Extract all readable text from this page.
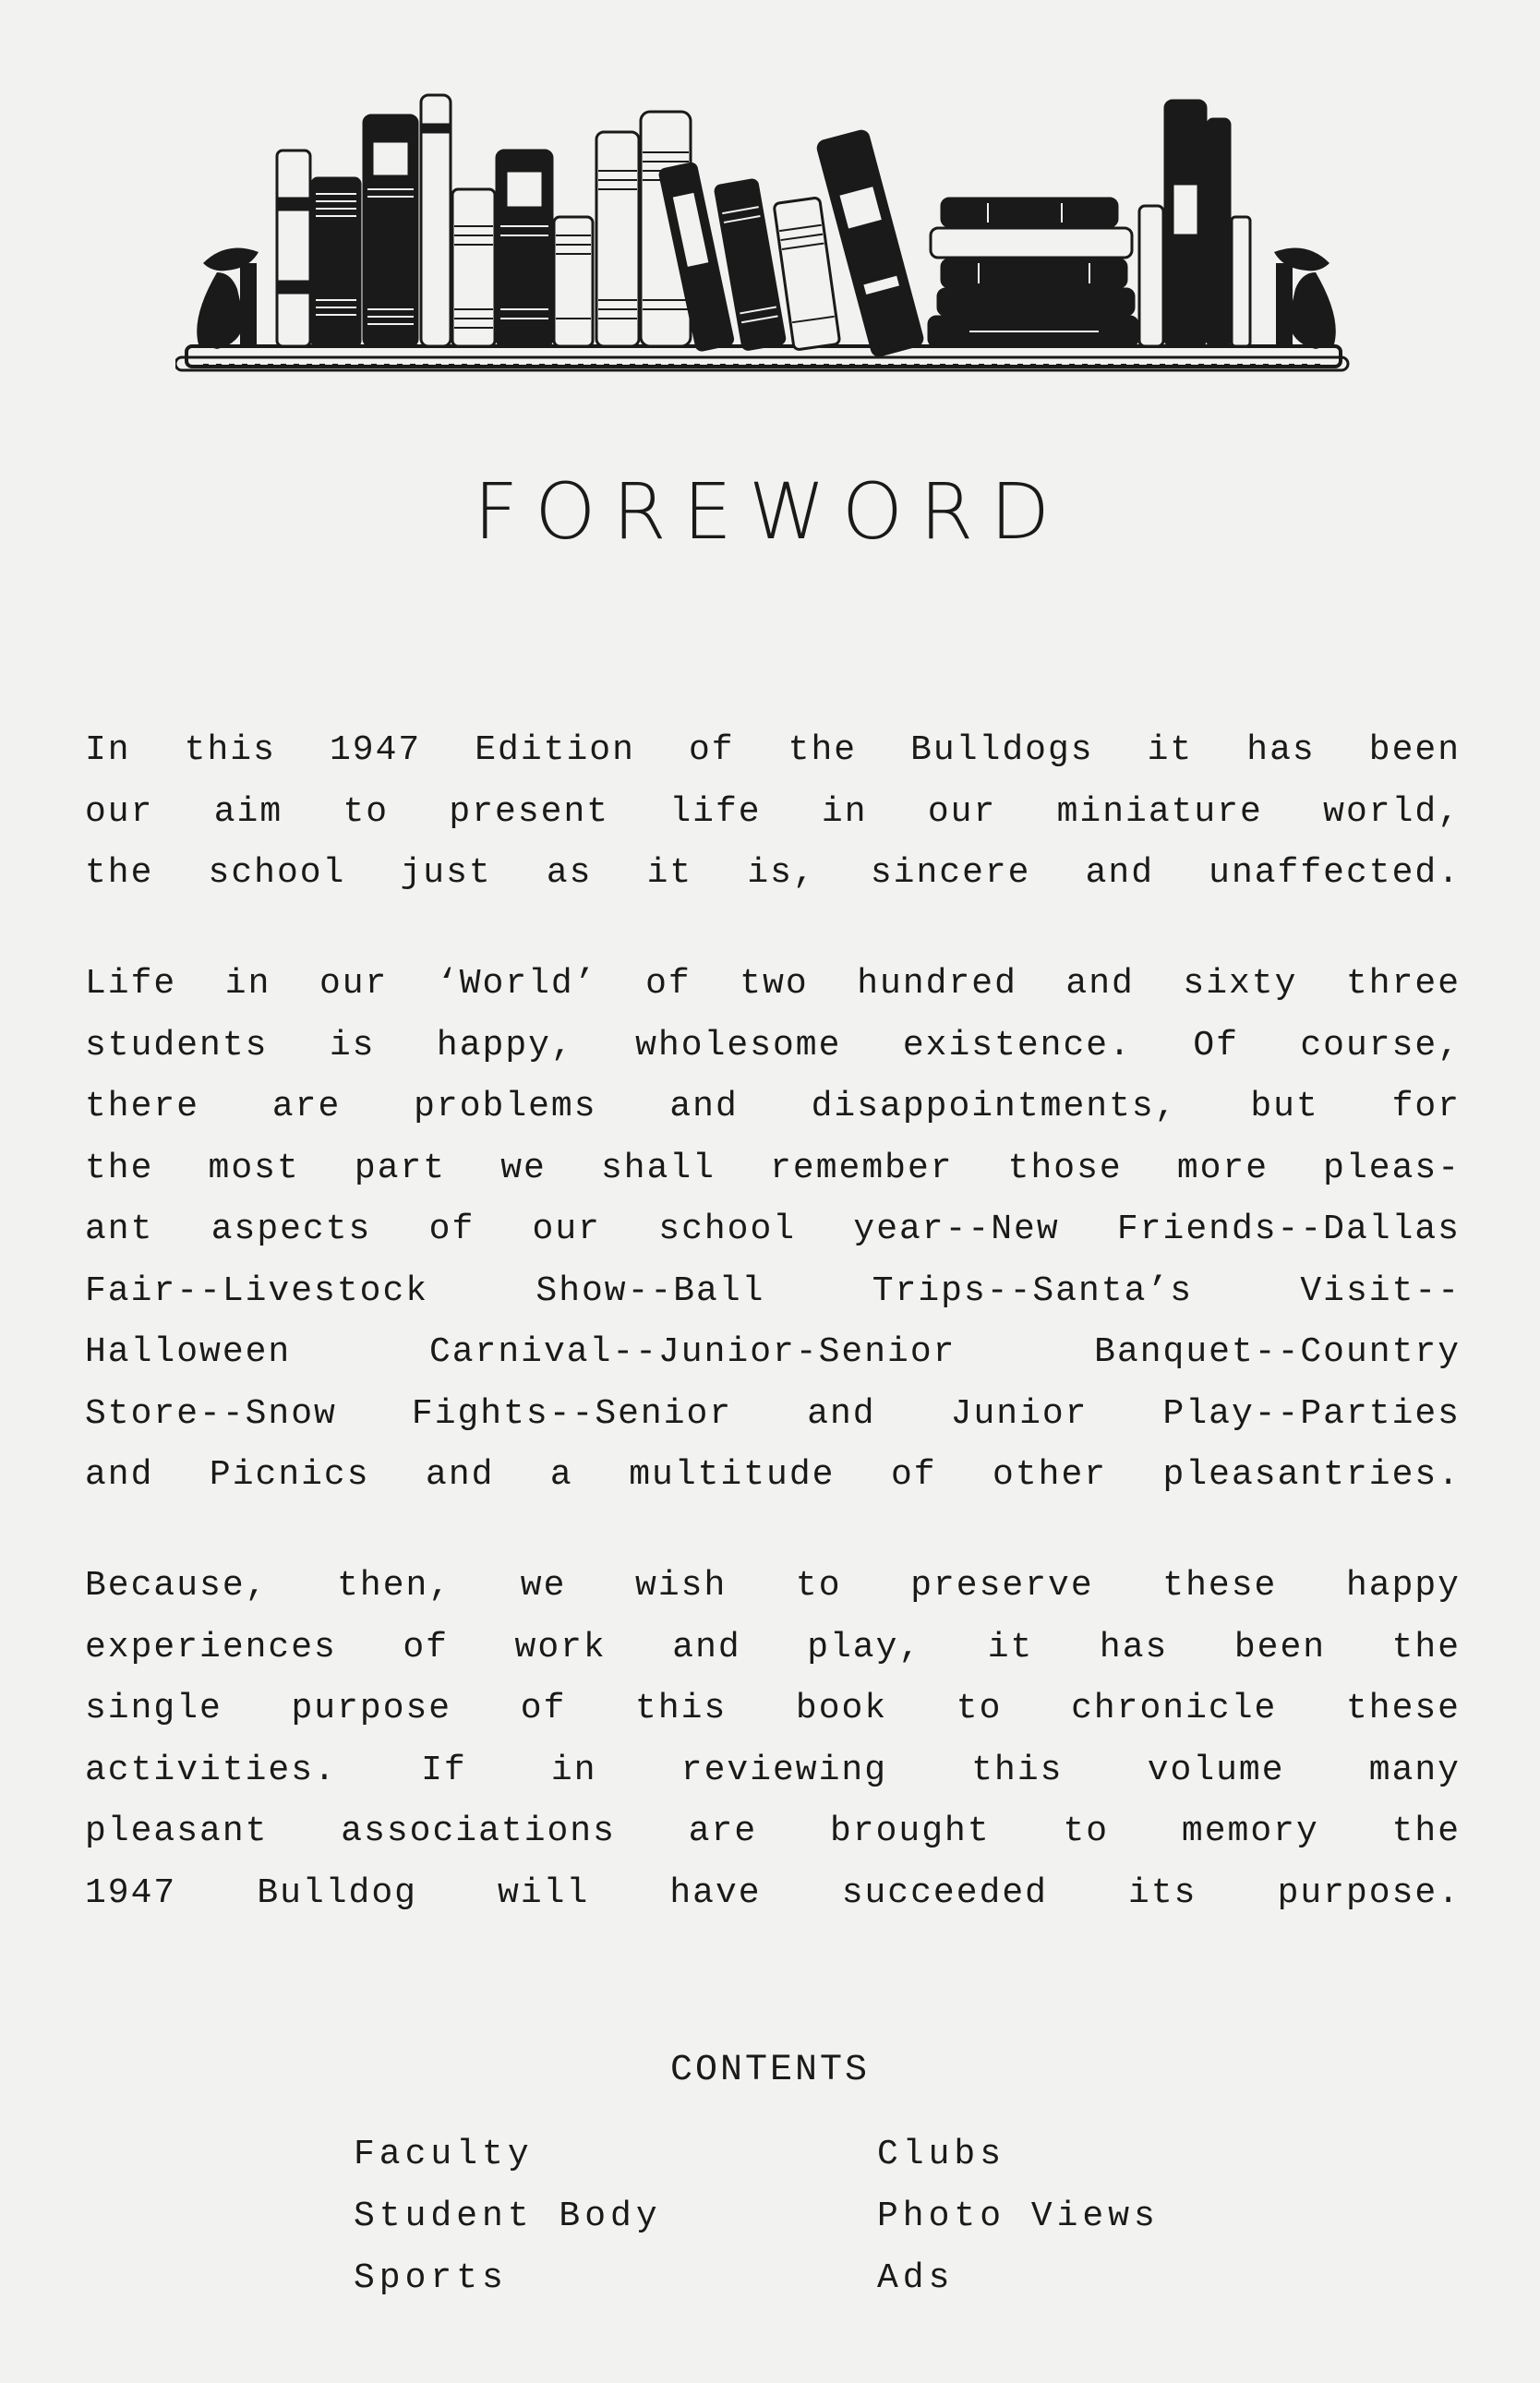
FOREWORD
In this 1947 Edition of the Bulldogs it has been
our aim to present life in our miniature world,
the school just as it is, sincere and unaffected.
Life in our ‘World’ of two hundred and sixty three
students is happy, wholesome existence. Of course,
there are problems and disappointments, but for
the most part we shall remember those more pleas-
ant aspects of our school year--New Friends--Dallas
Fair--Livestock Show--Ball Trips--Santa’s Visit--
Halloween Carnival--Junior-Senior Banquet--Country
Store--Snow Fights--Senior and Junior Play--Parties
and Picnics and a multitude of other pleasantries.
Because, then, we wish to preserve these happy
experiences of work and play, it has been the
single purpose of this book to chronicle these
activities. If in reviewing this volume many
pleasant associations are brought to memory the
1947 Bulldog will have succeeded its purpose.
CONTENTS
Faculty
Student Body
Sports
Clubs
Photo Views
Ads
